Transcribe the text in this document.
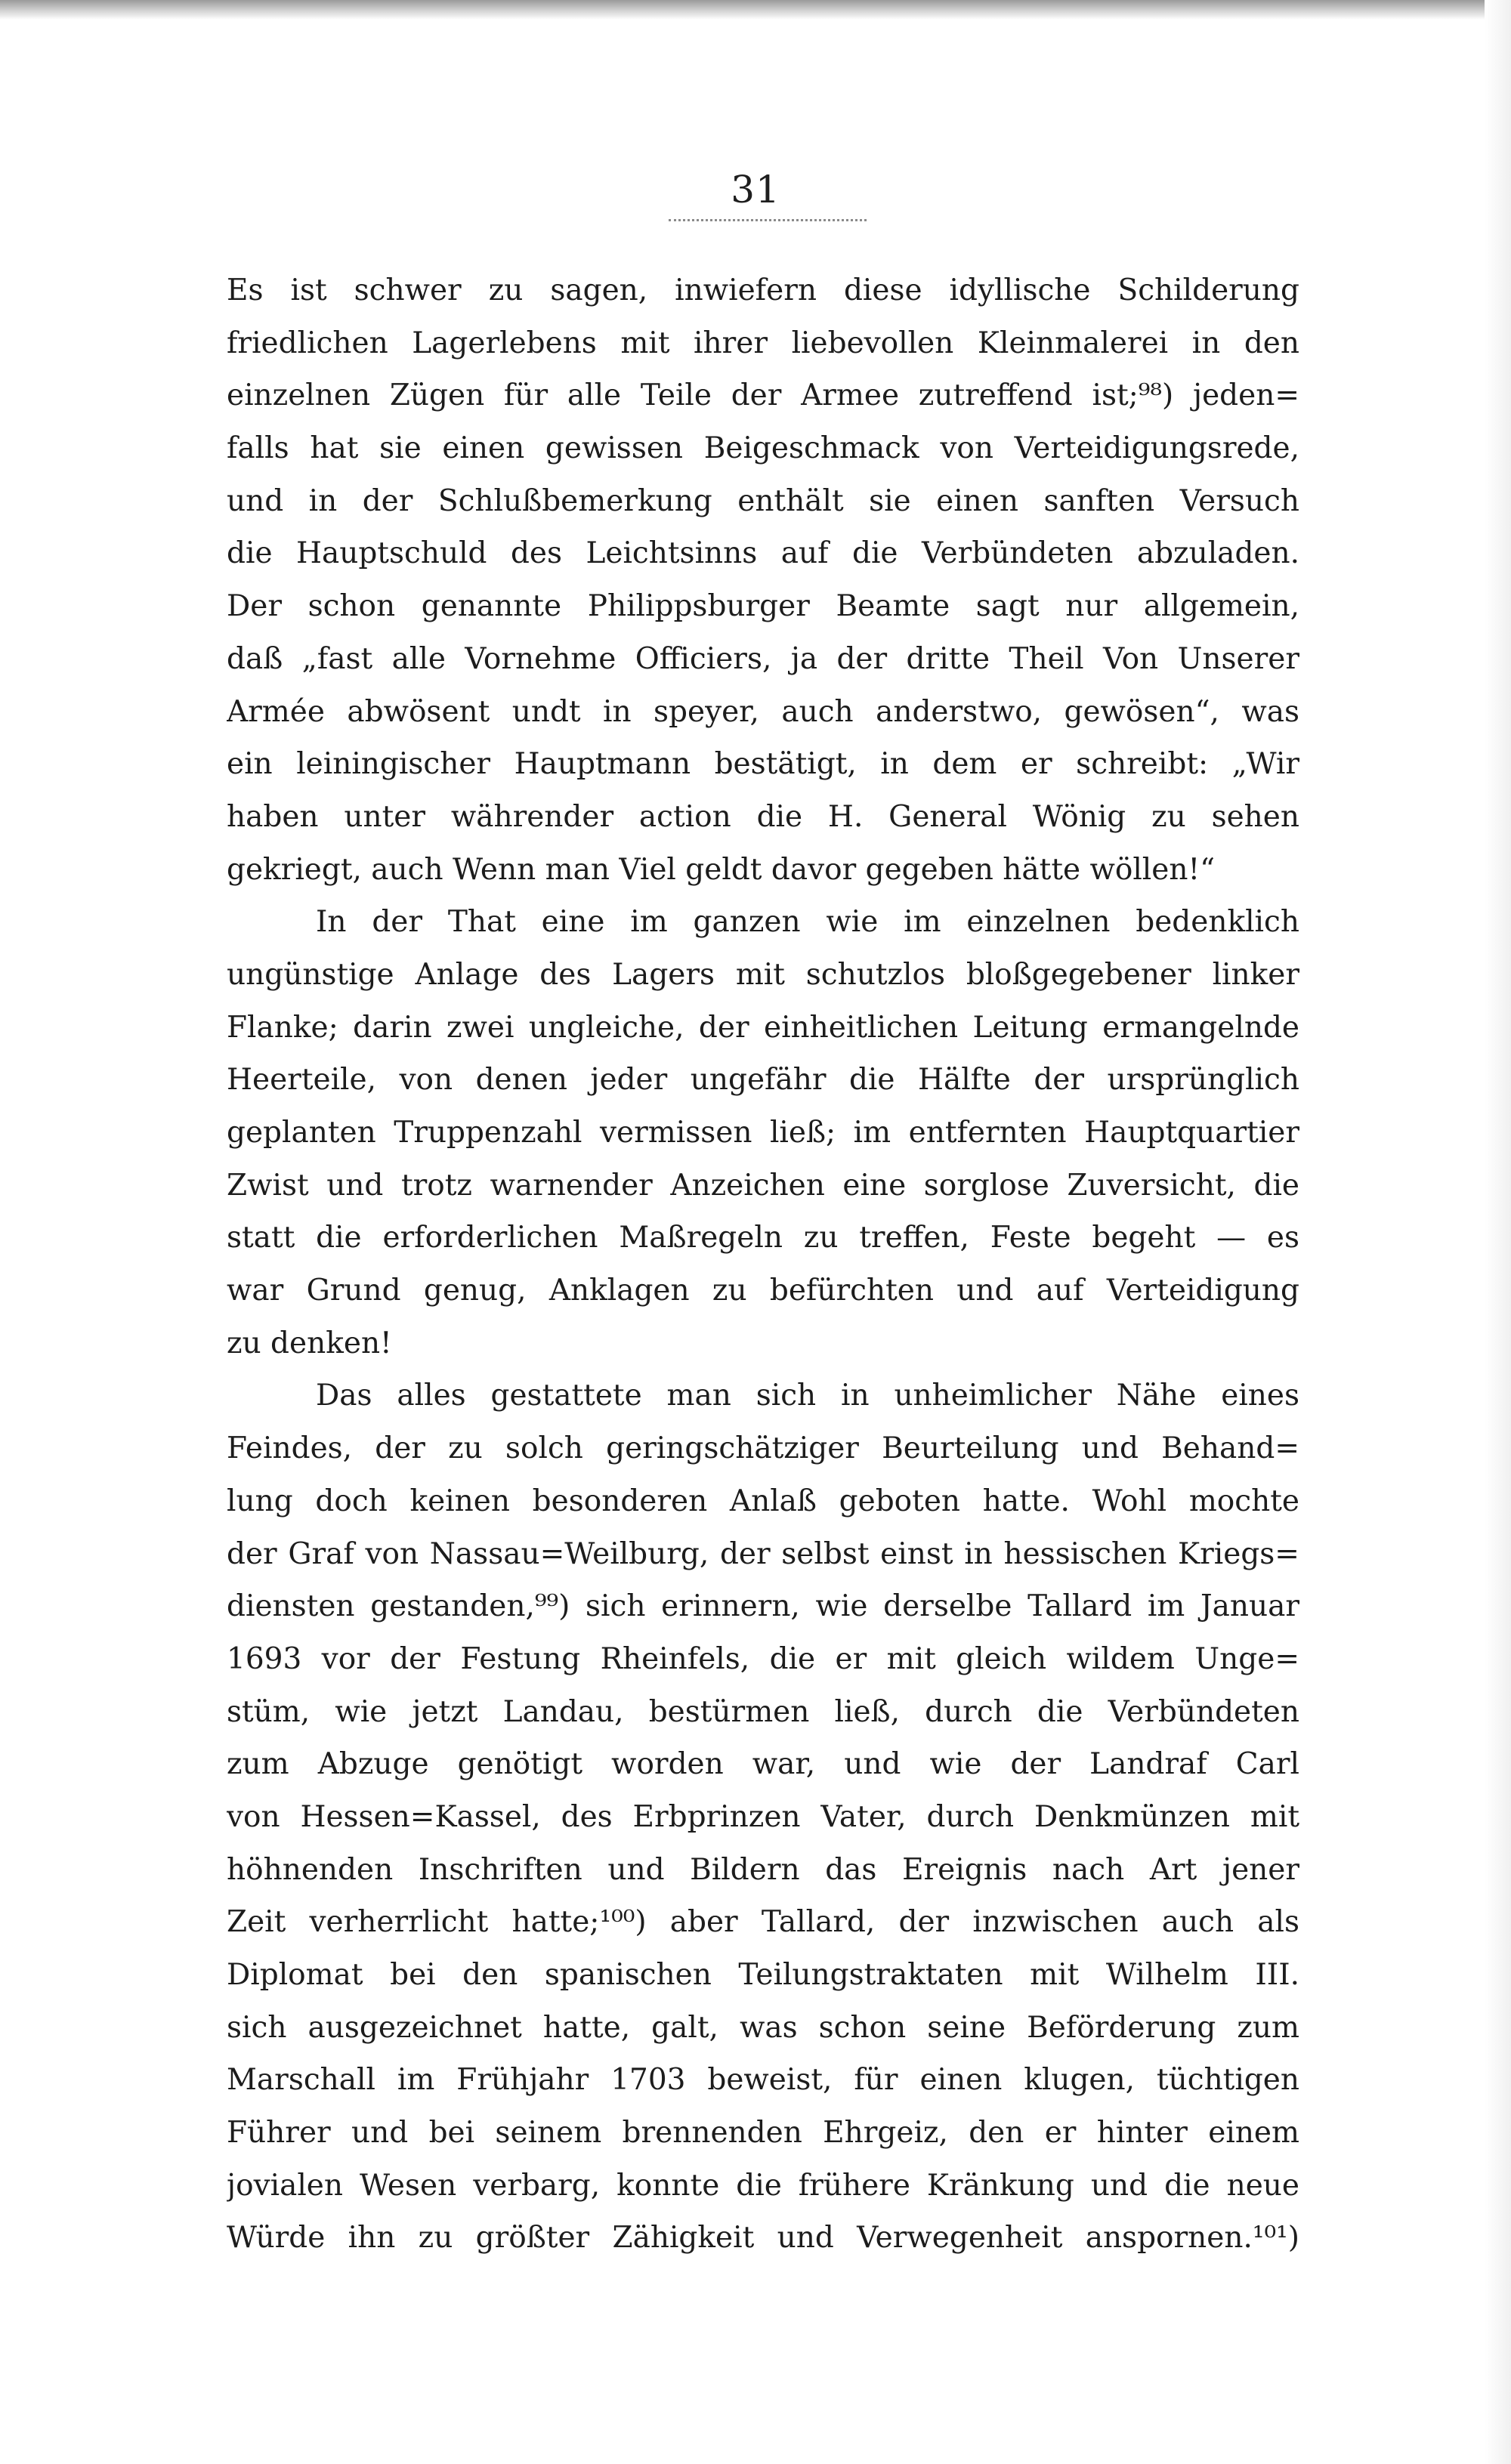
31
Es ist schwer zu sagen, inwiefern diese idyllische Schilderung
friedlichen Lagerlebens mit ihrer liebevollen Kleinmalerei in den
einzelnen Zügen für alle Teile der Armee zutreffend ist;⁹⁸) jeden=
falls hat sie einen gewissen Beigeschmack von Verteidigungsrede,
und in der Schlußbemerkung enthält sie einen sanften Versuch
die Hauptschuld des Leichtsinns auf die Verbündeten abzuladen.
Der schon genannte Philippsburger Beamte sagt nur allgemein,
daß „fast alle Vornehme Officiers, ja der dritte Theil Von Unserer
Armée abwösent undt in speyer, auch anderstwo, gewösen“, was
ein leiningischer Hauptmann bestätigt, in dem er schreibt: „Wir
haben unter währender action die H. General Wönig zu sehen
gekriegt, auch Wenn man Viel geldt davor gegeben hätte wöllen!“
In der That eine im ganzen wie im einzelnen bedenklich
ungünstige Anlage des Lagers mit schutzlos bloßgegebener linker
Flanke; darin zwei ungleiche, der einheitlichen Leitung ermangelnde
Heerteile, von denen jeder ungefähr die Hälfte der ursprünglich
geplanten Truppenzahl vermissen ließ; im entfernten Hauptquartier
Zwist und trotz warnender Anzeichen eine sorglose Zuversicht, die
statt die erforderlichen Maßregeln zu treffen, Feste begeht — es
war Grund genug, Anklagen zu befürchten und auf Verteidigung
zu denken!
Das alles gestattete man sich in unheimlicher Nähe eines
Feindes, der zu solch geringschätziger Beurteilung und Behand=
lung doch keinen besonderen Anlaß geboten hatte. Wohl mochte
der Graf von Nassau=Weilburg, der selbst einst in hessischen Kriegs=
diensten gestanden,⁹⁹) sich erinnern, wie derselbe Tallard im Januar
1693 vor der Festung Rheinfels, die er mit gleich wildem Unge=
stüm, wie jetzt Landau, bestürmen ließ, durch die Verbündeten
zum Abzuge genötigt worden war, und wie der Landraf Carl
von Hessen=Kassel, des Erbprinzen Vater, durch Denkmünzen mit
höhnenden Inschriften und Bildern das Ereignis nach Art jener
Zeit verherrlicht hatte;¹⁰⁰) aber Tallard, der inzwischen auch als
Diplomat bei den spanischen Teilungstraktaten mit Wilhelm III.
sich ausgezeichnet hatte, galt, was schon seine Beförderung zum
Marschall im Frühjahr 1703 beweist, für einen klugen, tüchtigen
Führer und bei seinem brennenden Ehrgeiz, den er hinter einem
jovialen Wesen verbarg, konnte die frühere Kränkung und die neue
Würde ihn zu größter Zähigkeit und Verwegenheit anspornen.¹⁰¹)
